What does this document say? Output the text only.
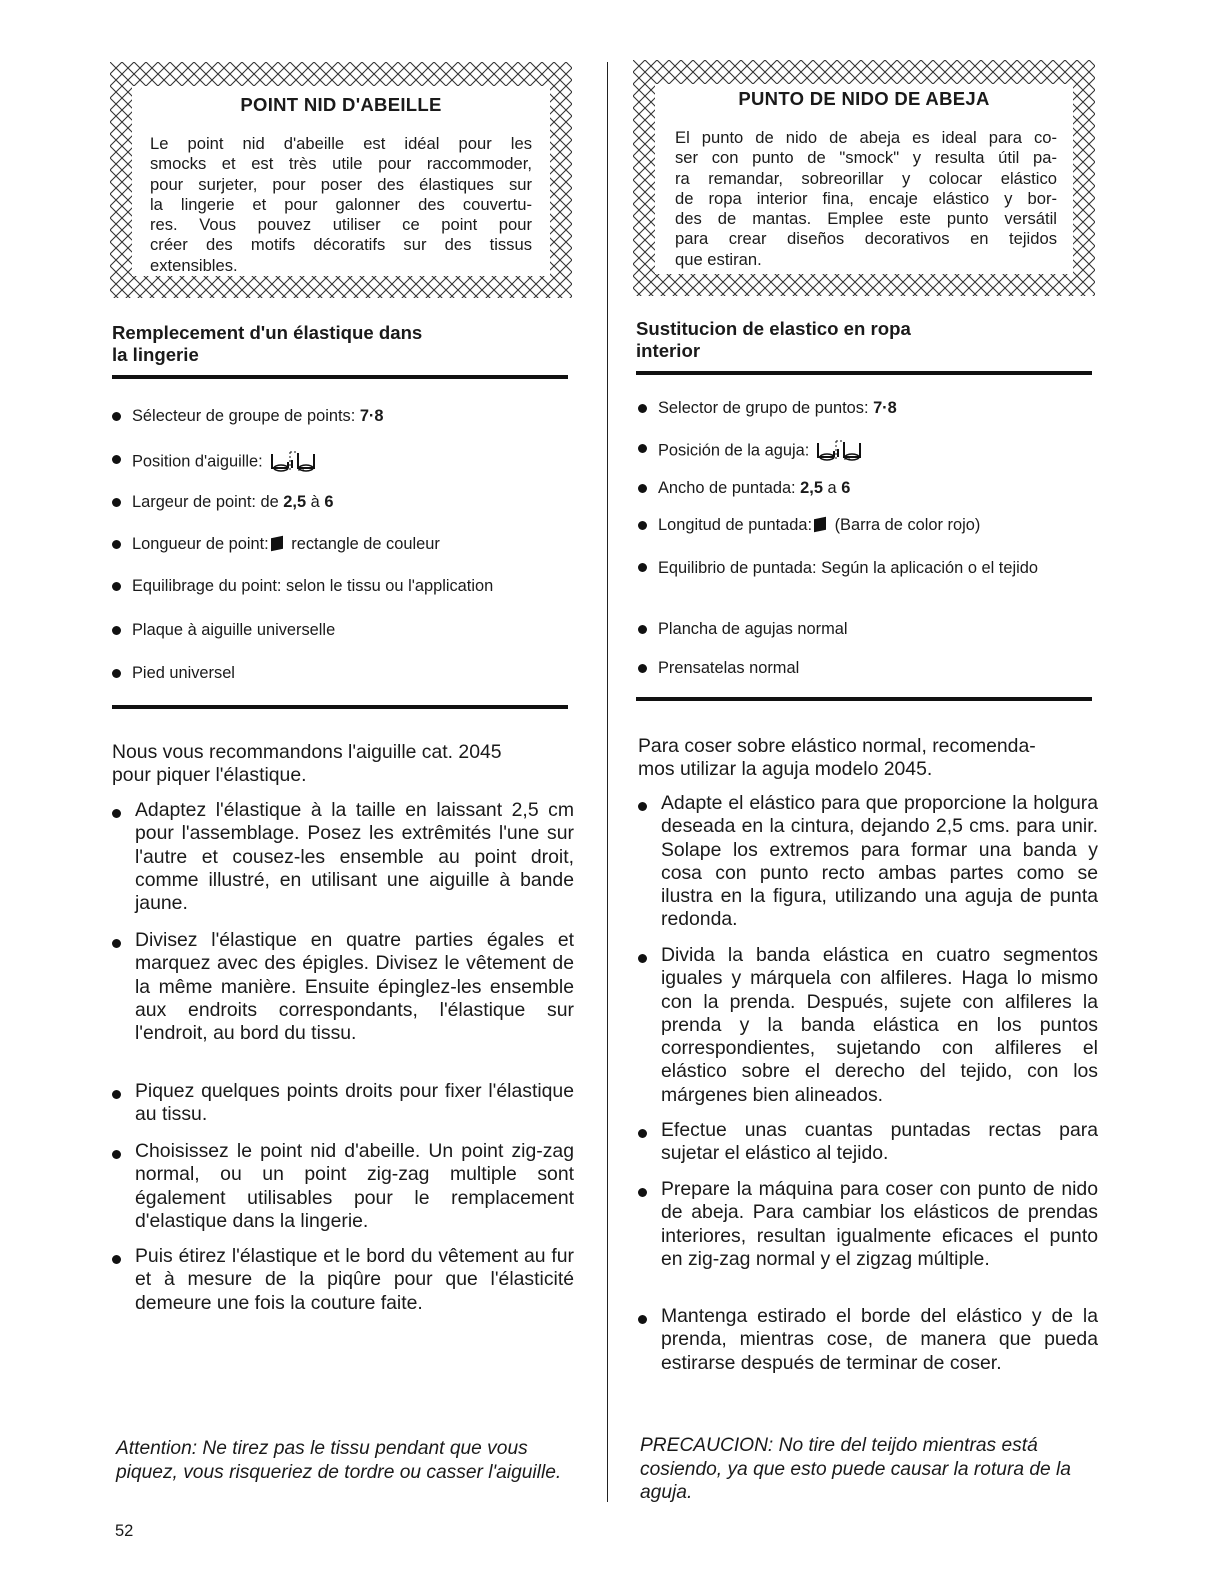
POINT NID D'ABEILLE

Le point nid d'abeille est idéal pour les

smocks et est très utile pour raccommoder,

pour surjeter, pour poser des élastiques sur

la lingerie et pour galonner des couvertu-

res. Vous pouvez utiliser ce point pour

créer des motifs décoratifs sur des tissus

extensibles.

Remplecement d'un élastique dans
la lingerie
Sélecteur de groupe de points: 7·8
Position d'aiguille:
Largeur de point: de 2,5 à 6
Longueur de point: rectangle de couleur
Equilibrage du point: selon le tissu ou l'application
Plaque à aiguille universelle
Pied universel
Nous vous recommandons l'aiguille cat. 2045
pour piquer l'élastique.
Adaptez l'élastique à la taille en laissant 2,5 cm pour l'assemblage. Posez les extrêmités l'une sur l'autre et cousez-les ensemble au point droit, comme illustré, en utilisant une aiguille à bande jaune.
Divisez l'élastique en quatre parties égales et marquez avec des épigles. Divisez le vêtement de la même manière. Ensuite épinglez-les ensemble aux endroits correspondants, l'élastique sur l'endroit, au bord du tissu.
Piquez quelques points droits pour fixer l'élastique au tissu.
Choisissez le point nid d'abeille. Un point zig-zag normal, ou un point zig-zag multiple sont également utilisables pour le remplacement d'elastique dans la lingerie.
Puis étirez l'élastique et le bord du vêtement au fur et à mesure de la piqûre pour que l'élasticité demeure une fois la couture faite.
Attention: Ne tirez pas le tissu pendant que vous piquez, vous risqueriez de tordre ou casser l'aiguille.
52
PUNTO DE NIDO DE ABEJA

El punto de nido de abeja es ideal para co-

ser con punto de "smock" y resulta útil pa-

ra remandar, sobreorillar y colocar elástico

de ropa interior fina, encaje elástico y bor-

des de mantas. Emplee este punto versátil

para crear diseños decorativos en tejidos

que estiran.

Sustitucion de elastico en ropa
interior
Selector de grupo de puntos: 7·8
Posición de la aguja:
Ancho de puntada: 2,5 a 6
Longitud de puntada: (Barra de color rojo)
Equilibrio de puntada: Según la aplicación o el tejido
Plancha de agujas normal
Prensatelas normal
Para coser sobre elástico normal, recomenda-
mos utilizar la aguja modelo 2045.
Adapte el elástico para que proporcione la holgura deseada en la cintura, dejando 2,5 cms. para unir. Solape los extremos para formar una banda y cosa con punto recto ambas partes como se ilustra en la figura, utilizando una aguja de punta redonda.
Divida la banda elástica en cuatro segmentos iguales y márquela con alfileres. Haga lo mismo con la prenda. Después, sujete con alfileres la prenda y la banda elástica en los puntos correspondientes, sujetando con alfileres el elástico sobre el derecho del tejido, con los márgenes bien alineados.
Efectue unas cuantas puntadas rectas para sujetar el elástico al tejido.
Prepare la máquina para coser con punto de nido de abeja. Para cambiar los elásticos de prendas interiores, resultan igualmente eficaces el punto en zig-zag normal y el zigzag múltiple.
Mantenga estirado el borde del elástico y de la prenda, mientras cose, de manera que pueda estirarse después de terminar de coser.
PRECAUCION: No tire del teijdo mientras está cosiendo, ya que esto puede causar la rotura de la aguja.
